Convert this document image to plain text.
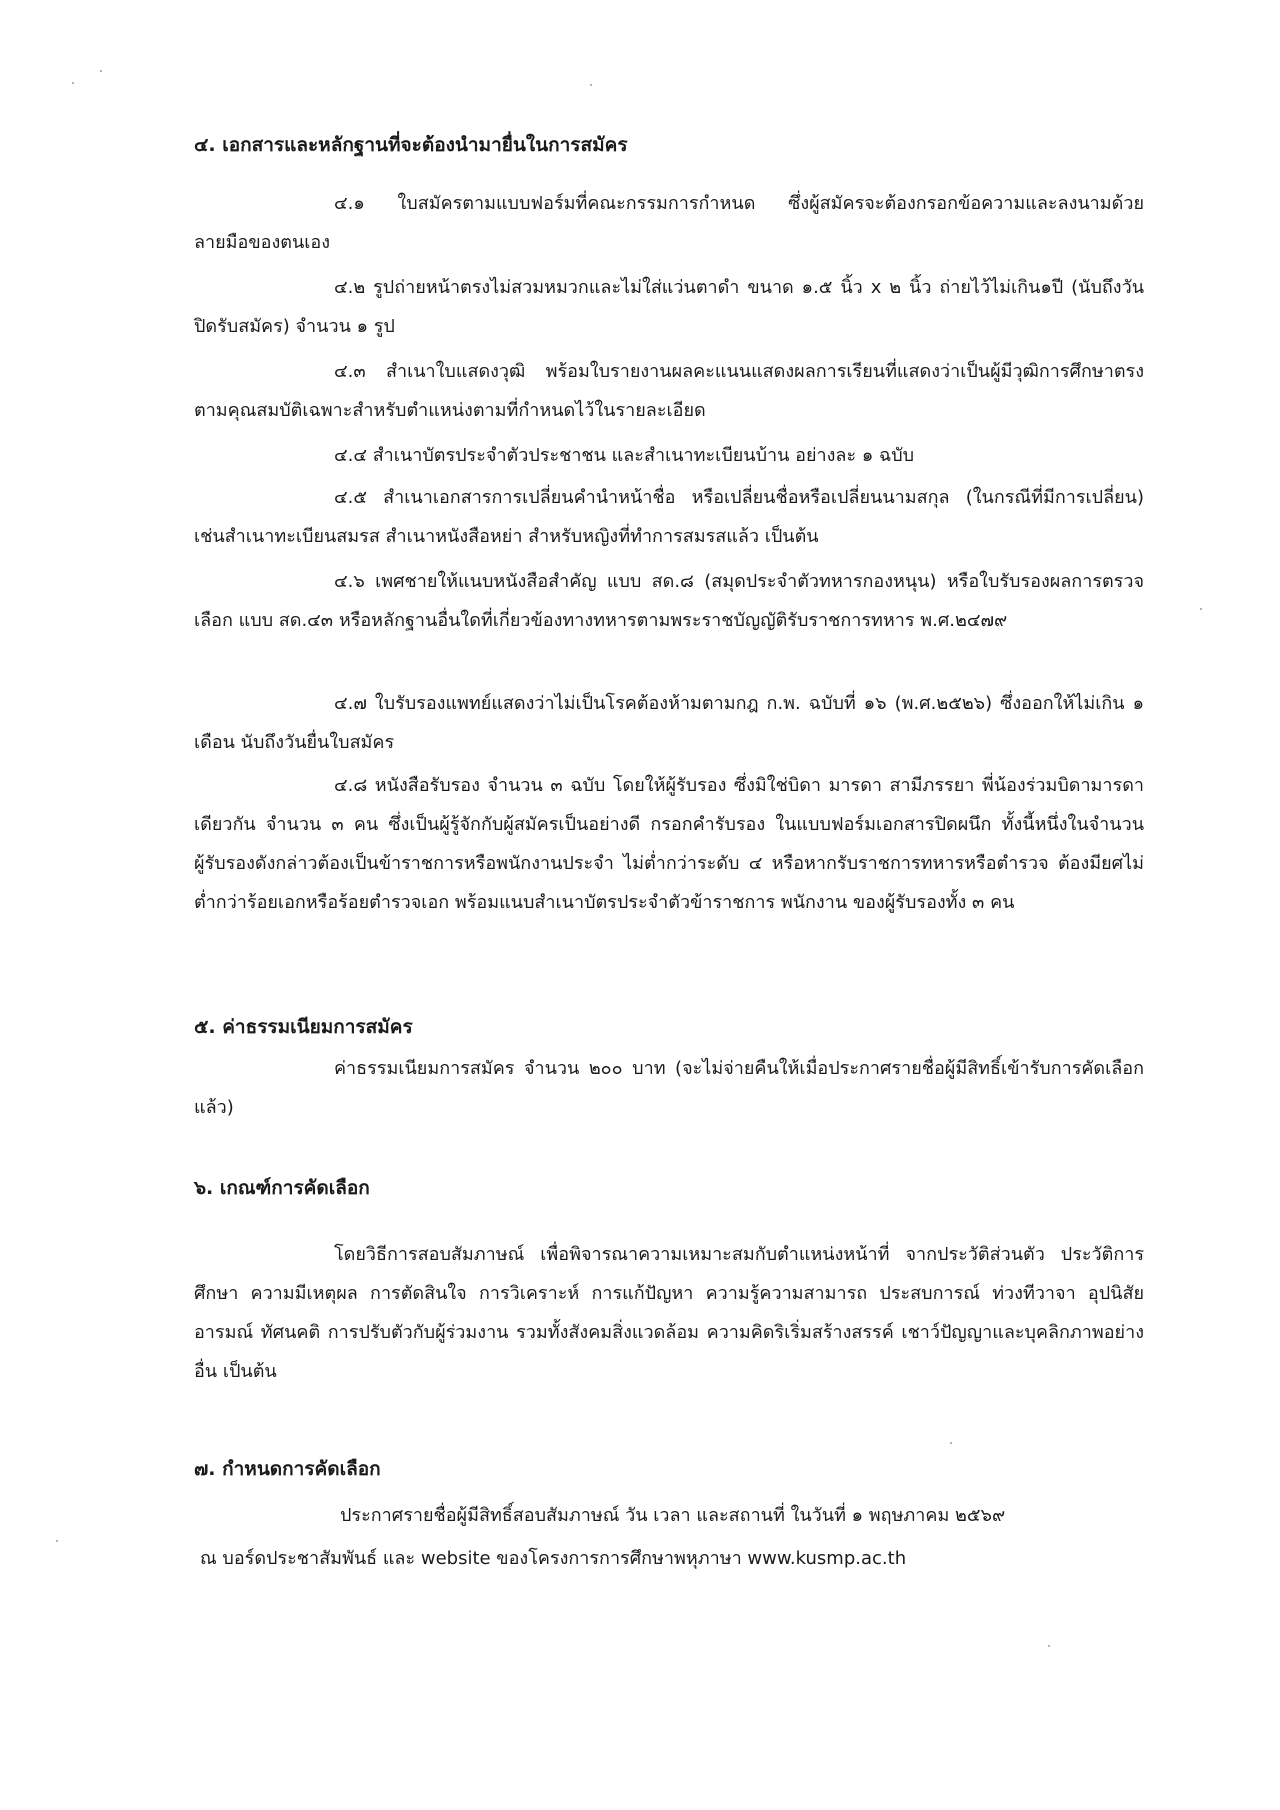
๔. เอกสารและหลักฐานที่จะต้องนำมายื่นในการสมัคร
๔.๑ ใบสมัครตามแบบฟอร์มที่คณะกรรมการกำหนด ซึ่งผู้สมัครจะต้องกรอกข้อความและลงนามด้วยลายมือของตนเอง
๔.๒ รูปถ่ายหน้าตรงไม่สวมหมวกและไม่ใส่แว่นตาดำ ขนาด ๑.๕ นิ้ว x ๒ นิ้ว ถ่ายไว้ไม่เกิน๑ปี (นับถึงวันปิดรับสมัคร) จำนวน ๑ รูป
๔.๓ สำเนาใบแสดงวุฒิ พร้อมใบรายงานผลคะแนนแสดงผลการเรียนที่แสดงว่าเป็นผู้มีวุฒิการศึกษาตรงตามคุณสมบัติเฉพาะสำหรับตำแหน่งตามที่กำหนดไว้ในรายละเอียด
๔.๔ สำเนาบัตรประจำตัวประชาชน และสำเนาทะเบียนบ้าน อย่างละ ๑ ฉบับ
๔.๕ สำเนาเอกสารการเปลี่ยนคำนำหน้าชื่อ หรือเปลี่ยนชื่อหรือเปลี่ยนนามสกุล (ในกรณีที่มีการเปลี่ยน) เช่นสำเนาทะเบียนสมรส สำเนาหนังสือหย่า สำหรับหญิงที่ทำการสมรสแล้ว เป็นต้น
๔.๖ เพศชายให้แนบหนังสือสำคัญ แบบ สด.๘ (สมุดประจำตัวทหารกองหนุน) หรือใบรับรองผลการตรวจเลือก แบบ สด.๔๓ หรือหลักฐานอื่นใดที่เกี่ยวข้องทางทหารตามพระราชบัญญัติรับราชการทหาร พ.ศ.๒๔๗๙
๔.๗ ใบรับรองแพทย์แสดงว่าไม่เป็นโรคต้องห้ามตามกฎ ก.พ. ฉบับที่ ๑๖ (พ.ศ.๒๕๒๖) ซึ่งออกให้ไม่เกิน ๑ เดือน นับถึงวันยื่นใบสมัคร
๔.๘ หนังสือรับรอง จำนวน ๓ ฉบับ โดยให้ผู้รับรอง ซึ่งมิใช่บิดา มารดา สามีภรรยา พี่น้องร่วมบิดามารดาเดียวกัน จำนวน ๓ คน ซึ่งเป็นผู้รู้จักกับผู้สมัครเป็นอย่างดี กรอกคำรับรอง ในแบบฟอร์มเอกสารปิดผนึก ทั้งนี้หนึ่งในจำนวนผู้รับรองดังกล่าวต้องเป็นข้าราชการหรือพนักงานประจำ ไม่ต่ำกว่าระดับ ๔ หรือหากรับราชการทหารหรือตำรวจ ต้องมียศไม่ต่ำกว่าร้อยเอกหรือร้อยตำรวจเอก พร้อมแนบสำเนาบัตรประจำตัวข้าราชการ พนักงาน ของผู้รับรองทั้ง ๓ คน
๕. ค่าธรรมเนียมการสมัคร
ค่าธรรมเนียมการสมัคร จำนวน ๒๐๐ บาท (จะไม่จ่ายคืนให้เมื่อประกาศรายชื่อผู้มีสิทธิ์เข้ารับการคัดเลือกแล้ว)
๖. เกณฑ์การคัดเลือก
โดยวิธีการสอบสัมภาษณ์ เพื่อพิจารณาความเหมาะสมกับตำแหน่งหน้าที่ จากประวัติส่วนตัว ประวัติการศึกษา ความมีเหตุผล การตัดสินใจ การวิเคราะห์ การแก้ปัญหา ความรู้ความสามารถ ประสบการณ์ ท่วงทีวาจา อุปนิสัย อารมณ์ ทัศนคติ การปรับตัวกับผู้ร่วมงาน รวมทั้งสังคมสิ่งแวดล้อม ความคิดริเริ่มสร้างสรรค์ เชาว์ปัญญาและบุคลิกภาพอย่างอื่น เป็นต้น
๗. กำหนดการคัดเลือก
ประกาศรายชื่อผู้มีสิทธิ์สอบสัมภาษณ์ วัน เวลา และสถานที่ ในวันที่ ๑ พฤษภาคม ๒๕๖๙
ณ บอร์ดประชาสัมพันธ์ และ website ของโครงการการศึกษาพหุภาษา www.kusmp.ac.th
